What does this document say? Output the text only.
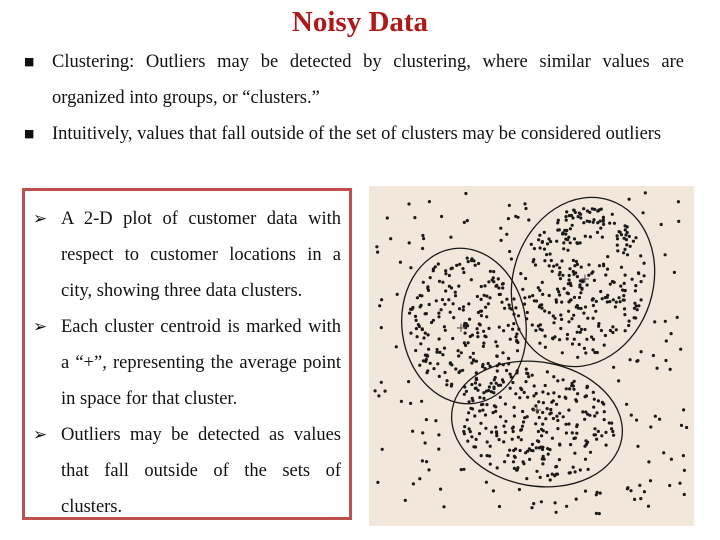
Noisy Data
■ Clustering: Outliers may be detected by clustering, where similar values are organized into groups, or “clusters.”
■ Intuitively, values that fall outside of the set of clusters may be considered outliers
➢ A 2-D plot of customer data with respect to customer locations in a city, showing three data clusters.
➢ Each cluster centroid is marked with a “+”, representing the average point in space for that cluster.
➢ Outliers may be detected as values that fall outside of the sets of clusters.
+
+
+
